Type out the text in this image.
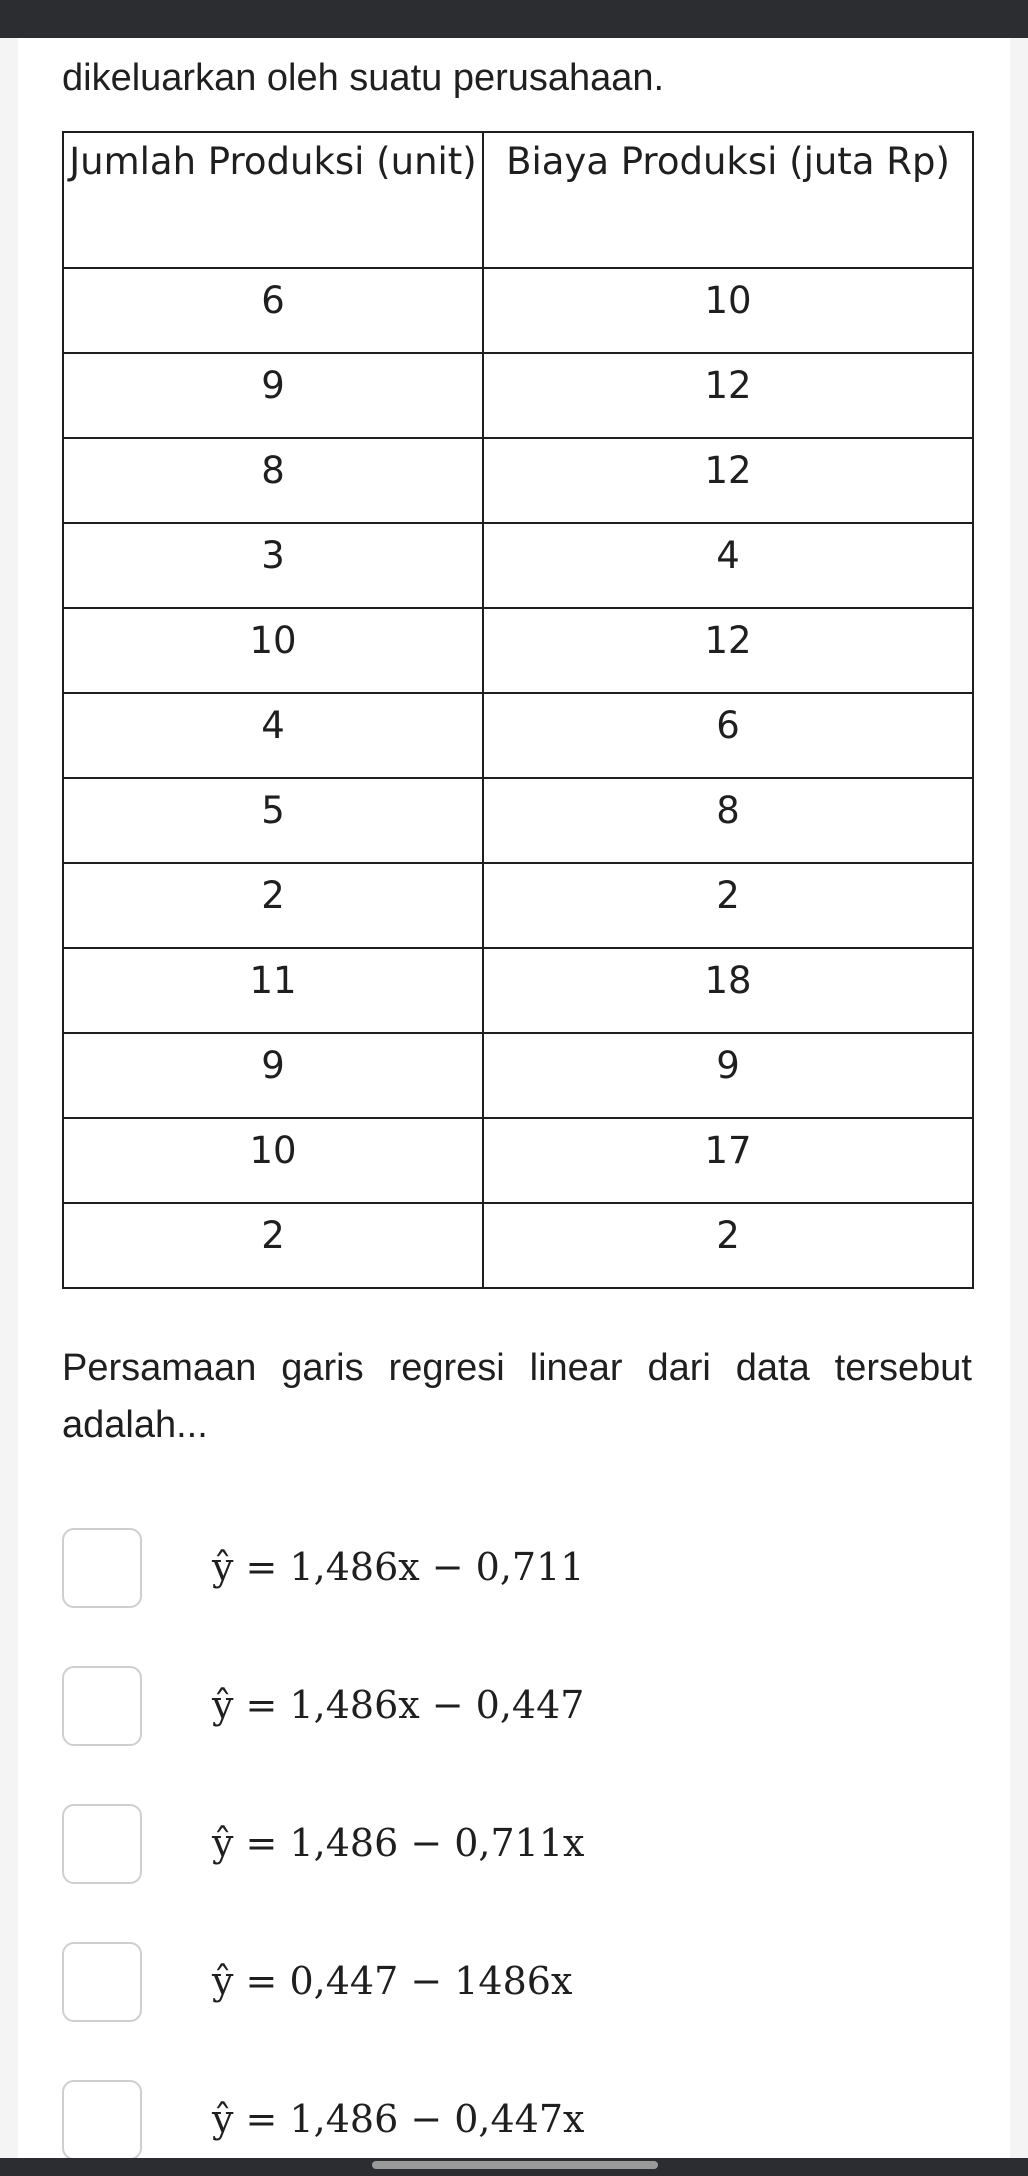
dikeluarkan oleh suatu perusahaan.

Jumlah Produksi (unit)	Biaya Produksi (juta Rp)
6	10
9	12
8	12
3	4
10	12
4	6
5	8
2	2
11	18
9	9
10	17
2	2

Persamaan garis regresi linear dari data tersebut adalah...

ŷ = 1,486x − 0,711
ŷ = 1,486x − 0,447
ŷ = 1,486 − 0,711x
ŷ = 0,447 − 1486x
ŷ = 1,486 − 0,447x
